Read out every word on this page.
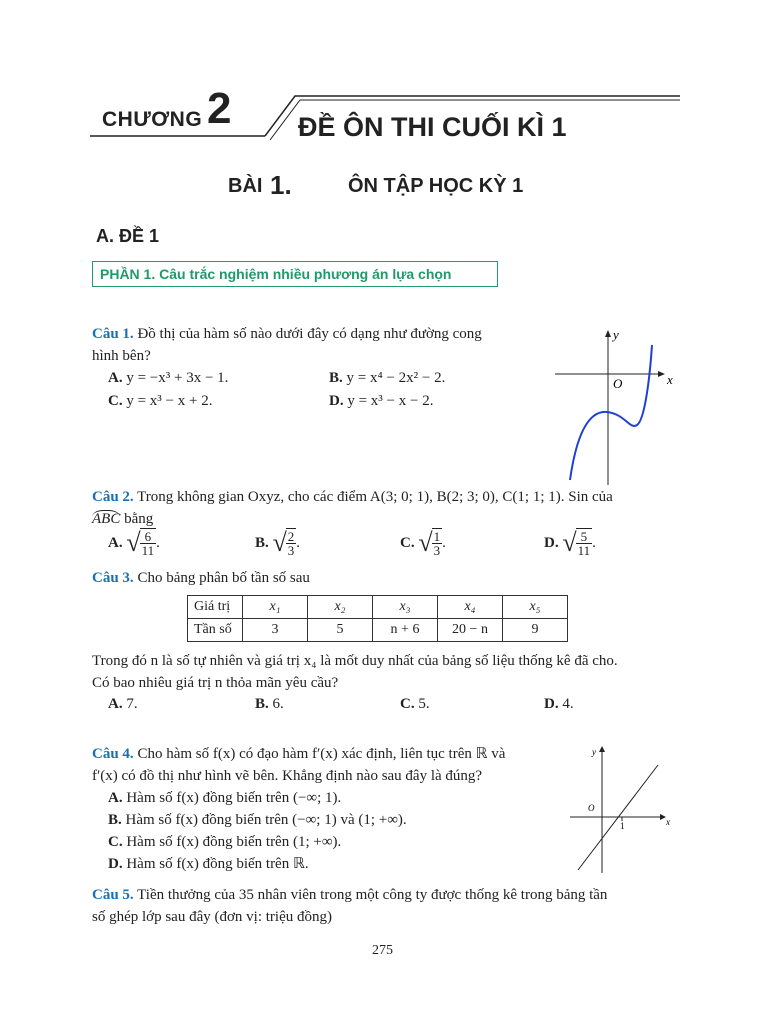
CHƯƠNG 2 ĐỀ ÔN THI CUỐI KÌ 1
BÀI 1.	ÔN TẬP HỌC KỲ 1
A. ĐỀ 1
PHẦN 1. Câu trắc nghiệm nhiều phương án lựa chọn
Câu 1. Đồ thị của hàm số nào dưới đây có dạng như đường cong
hình bên?
A. y = −x³ + 3x − 1.	B. y = x⁴ − 2x² − 2.
C. y = x³ − x + 2.	D. y = x³ − x − 2.
x
y
O
Câu 2. Trong không gian Oxyz, cho các điểm A(3; 0; 1), B(2; 3; 0), C(1; 1; 1). Sin của
ABC bằng
A.
√ $\frac{6}{11}$ .	B.
√ $\frac{2}{3}$ .	C.
√ $\frac{1}{3}$ .	D.
√ $\frac{5}{11}$ .
Câu 3. Cho bảng phân bố tần số sau
Giá trị	x₁	x₂	x₃	x₄	x₅
Tần số	3	5	n + 6	20 − n	9
Trong đó n là số tự nhiên và giá trị x₄ là mốt duy nhất của bảng số liệu thống kê đã cho.
Có bao nhiêu giá trị n thỏa mãn yêu cầu?
A. 7.	B. 6.	C. 5.	D. 4.
Câu 4. Cho hàm số f(x) có đạo hàm f′(x) xác định, liên tục trên ℝ và
f′(x) có đồ thị như hình vẽ bên. Khẳng định nào sau đây là đúng?
A. Hàm số f(x) đồng biến trên (−∞; 1).
B. Hàm số f(x) đồng biến trên (−∞; 1) và (1; +∞).
C. Hàm số f(x) đồng biến trên (1; +∞).
D. Hàm số f(x) đồng biến trên ℝ.
x
y
O
1
Câu 5. Tiền thưởng của 35 nhân viên trong một công ty được thống kê trong bảng tần
số ghép lớp sau đây (đơn vị: triệu đồng)
275
